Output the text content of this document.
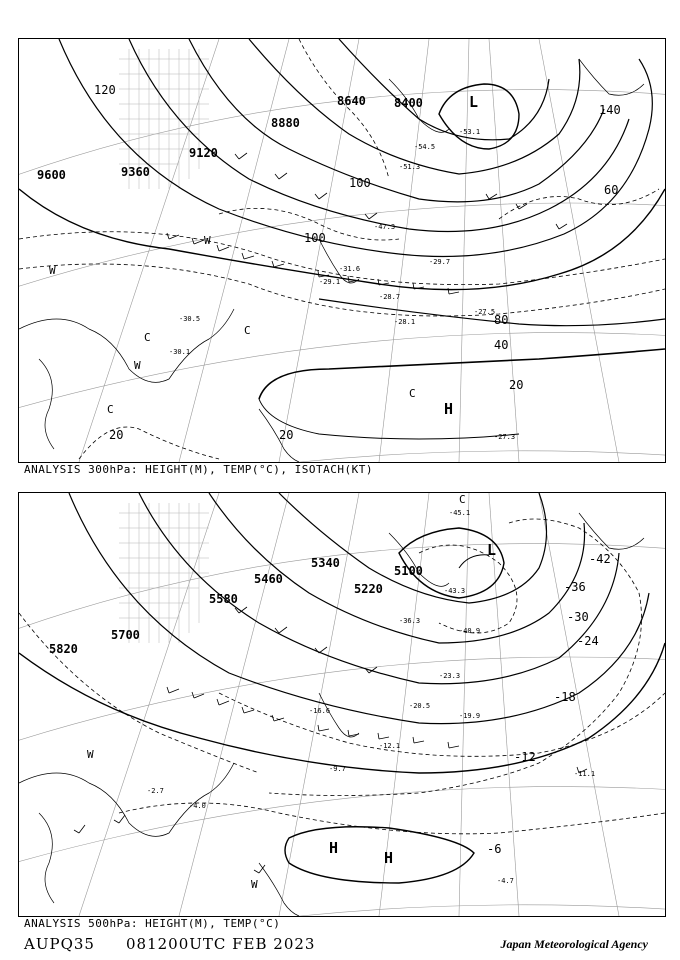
-53.1
-54.5
-51.3
-47.3
-29.7
-28.7
-27.5
-28.1
-30.1
-27.3
-29.1
-30.5
-31.6
120
100
80
60
40
20
140
100
20	20
9600	9360
9120
8880
8640 8400	L
H
W
W
W
C
C
C
C
ANALYSIS 300hPa: HEIGHT(M), TEMP(°C), ISOTACH(KT)
-45.1
-43.3
-40.9
-36.3
-23.3
-20.5
-19.9
-16.6
-12.1
-11.1
-9.7
-4.7
-4.0
-2.7
-42
-36
-30
-24
-18
-12
-6
5820
5700
5580
5460
5340
5220
5100
L
H
H
W
W
C
ANALYSIS 500hPa: HEIGHT(M), TEMP(°C)
AUPQ35 081200UTC FEB 2023	Japan Meteorological Agency
